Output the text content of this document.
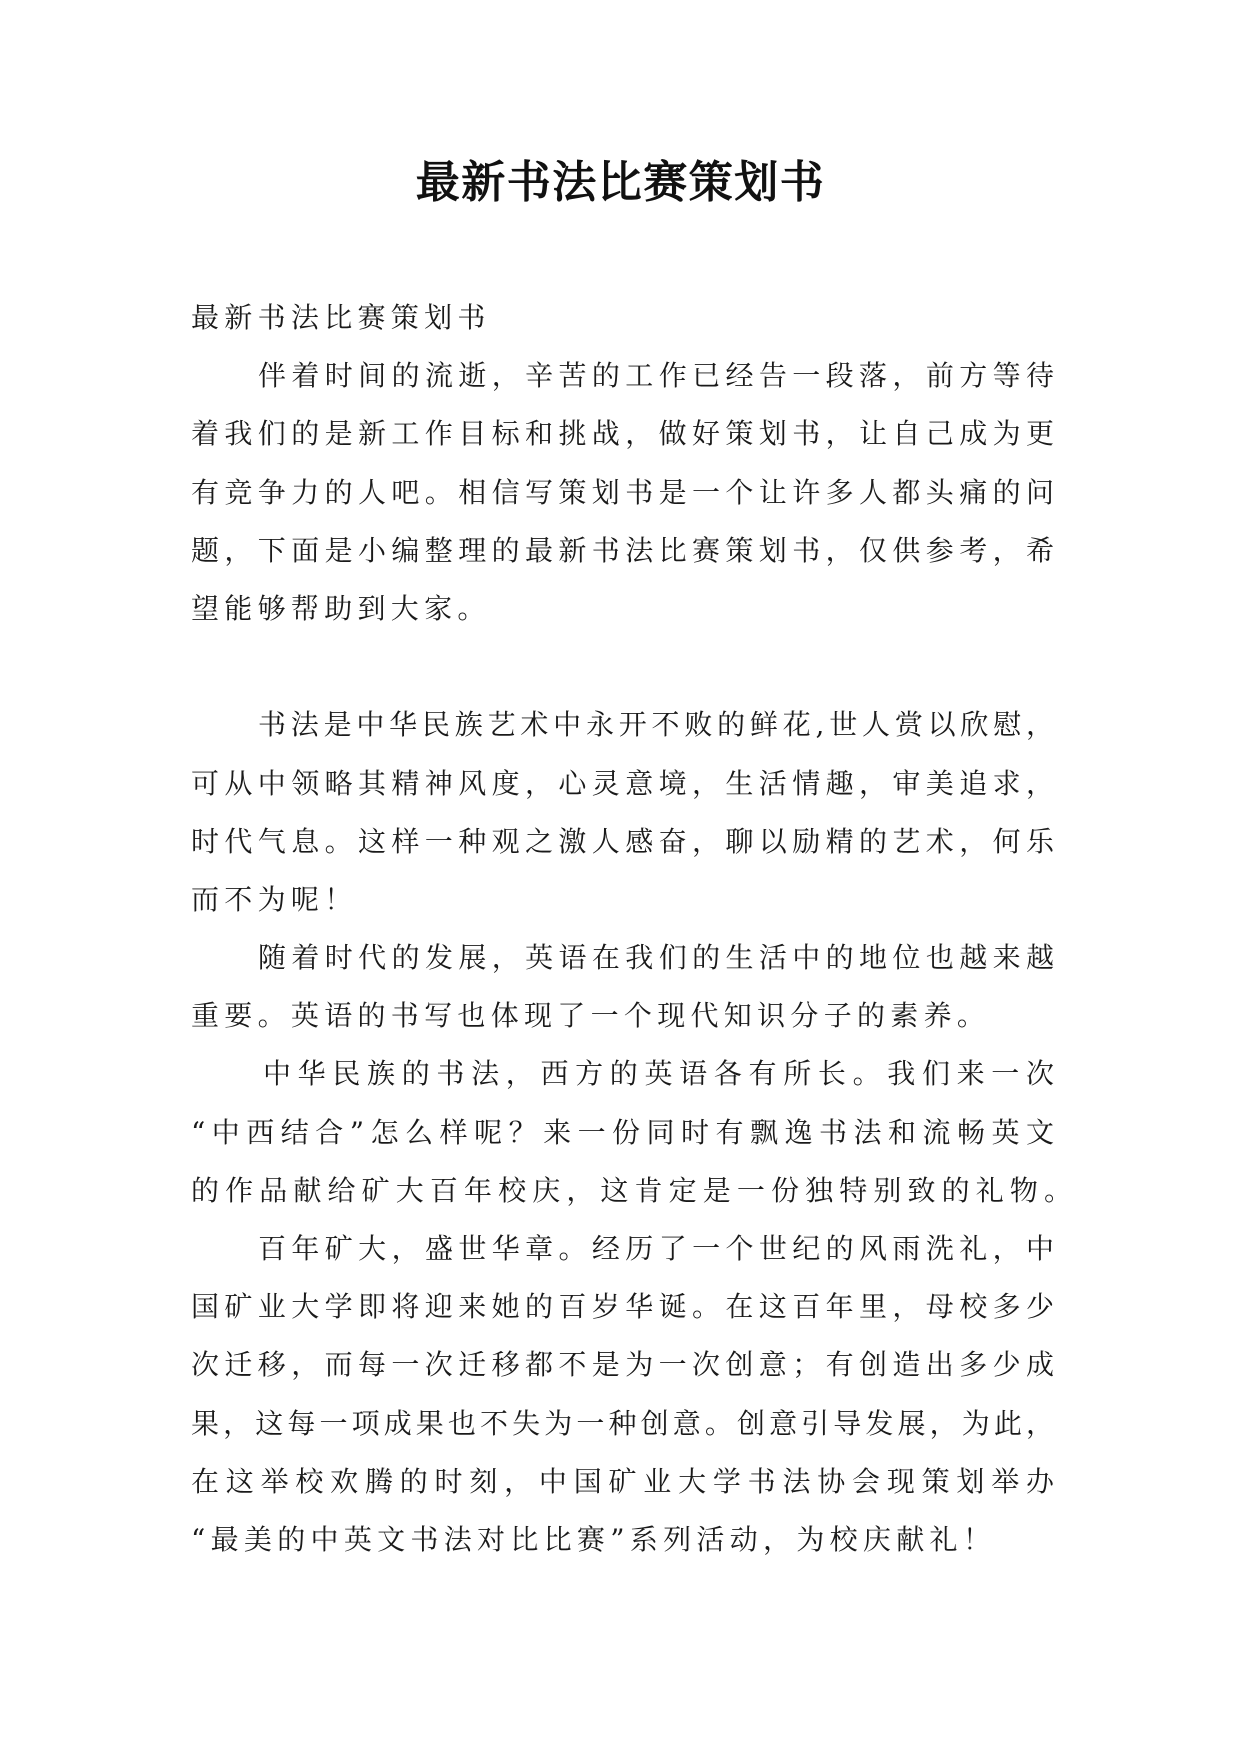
最新书法比赛策划书
最新书法比赛策划书
伴着时间的流逝，辛苦的工作已经告一段落，前方等待
着我们的是新工作目标和挑战，做好策划书，让自己成为更
有竞争力的人吧。相信写策划书是一个让许多人都头痛的问
题，下面是小编整理的最新书法比赛策划书，仅供参考，希
望能够帮助到大家。
书法是中华民族艺术中永开不败的鲜花,世人赏以欣慰，
可从中领略其精神风度，心灵意境，生活情趣，审美追求，
时代气息。这样一种观之激人感奋，聊以励精的艺术，何乐
而不为呢！
随着时代的发展，英语在我们的生活中的地位也越来越
重要。英语的书写也体现了一个现代知识分子的素养。
中华民族的书法，西方的英语各有所长。我们来一次
“中西结合”怎么样呢？来一份同时有飘逸书法和流畅英文
的作品献给矿大百年校庆，这肯定是一份独特别致的礼物。
百年矿大，盛世华章。经历了一个世纪的风雨洗礼，中
国矿业大学即将迎来她的百岁华诞。在这百年里，母校多少
次迁移，而每一次迁移都不是为一次创意；有创造出多少成
果，这每一项成果也不失为一种创意。创意引导发展，为此，
在这举校欢腾的时刻，中国矿业大学书法协会现策划举办
“最美的中英文书法对比比赛”系列活动，为校庆献礼！
